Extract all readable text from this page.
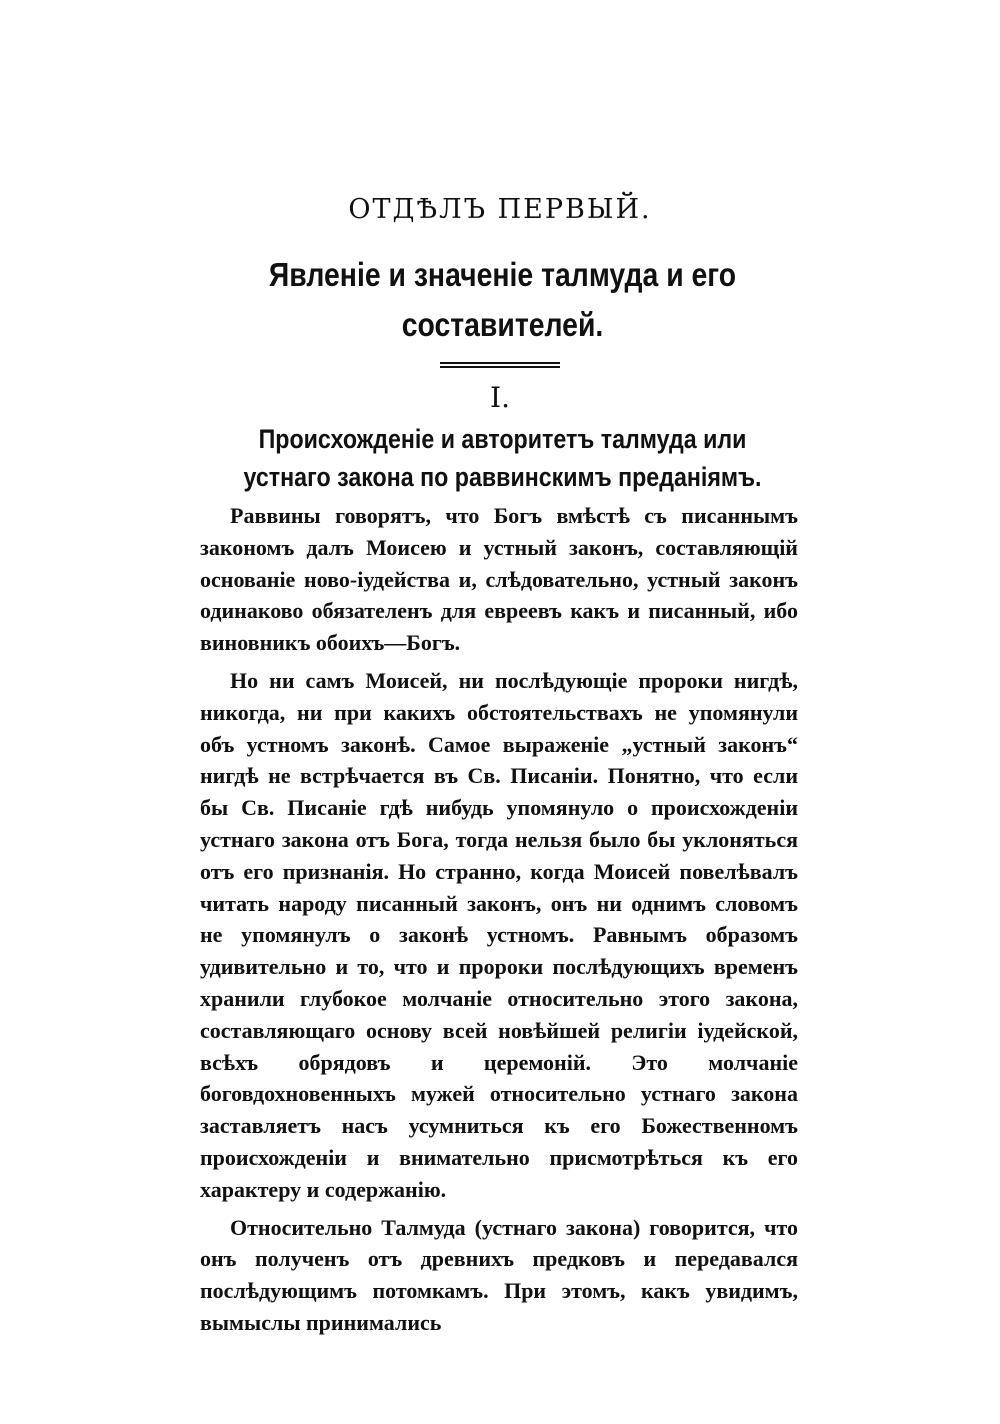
ОТДѢЛЪ ПЕРВЫЙ.
Явленіе и значеніе талмуда и его составителей.
I.
Происхожденіе и авторитетъ талмуда или устнаго закона по раввинскимъ преданіямъ.

Раввины говорятъ, что Богъ вмѣстѣ съ писаннымъ закономъ далъ Моисею и устный законъ, составляющій основаніе ново-іудейства и, слѣдовательно, устный законъ одинаково обязателенъ для евреевъ какъ и писанный, ибо виновникъ обоихъ—Богъ.

Но ни самъ Моисей, ни послѣдующіе пророки нигдѣ, никогда, ни при какихъ обстоятельствахъ не упомянули объ устномъ законѣ. Самое выраженіе „устный законъ“ нигдѣ не встрѣчается въ Св. Писаніи. Понятно, что если бы Св. Писаніе гдѣ нибудь упомянуло о происхожденіи устнаго закона отъ Бога, тогда нельзя было бы уклоняться отъ его признанія. Но странно, когда Моисей повелѣвалъ читать народу писанный законъ, онъ ни однимъ словомъ не упомянулъ о законѣ устномъ. Равнымъ образомъ удивительно и то, что и пророки послѣдующихъ временъ хранили глубокое молчаніе относительно этого закона, составляющаго основу всей новѣйшей религіи іудейской, всѣхъ обрядовъ и церемоній. Это молчаніе боговдохновенныхъ мужей относительно устнаго закона заставляетъ насъ усумниться къ его Божественномъ происхожденіи и внимательно присмотрѣться къ его характеру и содержанію.

Относительно Талмуда (устнаго закона) говорится, что онъ полученъ отъ древнихъ предковъ и передавался послѣдующимъ потомкамъ. При этомъ, какъ увидимъ, вымыслы принимались
